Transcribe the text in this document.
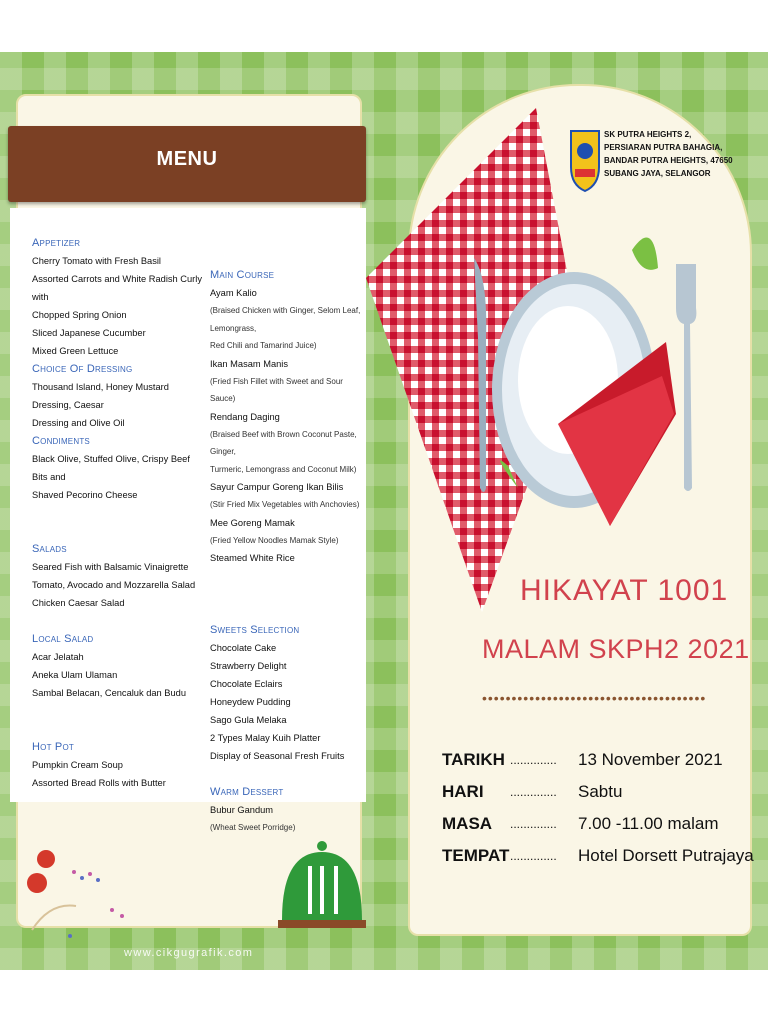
MENU
Appetizer
Cherry Tomato with Fresh Basil
Assorted Carrots and White Radish Curly with
Chopped Spring Onion
Sliced Japanese Cucumber
Mixed Green Lettuce
Choice Of Dressing
Thousand Island, Honey Mustard Dressing, Caesar
Dressing and Olive Oil
Condiments
Black Olive, Stuffed Olive, Crispy Beef Bits and
Shaved Pecorino Cheese
Salads
Seared Fish with Balsamic Vinaigrette
Tomato, Avocado and Mozzarella Salad
Chicken Caesar Salad
Local Salad
Acar Jelatah
Aneka Ulam Ulaman
Sambal Belacan, Cencaluk dan Budu
Hot Pot
Pumpkin Cream Soup
Assorted Bread Rolls with Butter
Main Course
Ayam Kalio
(Braised Chicken with Ginger, Selom Leaf, Lemongrass,
Red Chili and Tamarind Juice)
Ikan Masam Manis
(Fried Fish Fillet with Sweet and Sour Sauce)
Rendang Daging
(Braised Beef with Brown Coconut Paste, Ginger,
Turmeric, Lemongrass and Coconut Milk)
Sayur Campur Goreng Ikan Bilis
(Stir Fried Mix Vegetables with Anchovies)
Mee Goreng Mamak
(Fried Yellow Noodles Mamak Style)
Steamed White Rice
Sweets Selection
Chocolate Cake
Strawberry Delight
Chocolate Eclairs
Honeydew Pudding
Sago Gula Melaka
2 Types Malay Kuih Platter
Display of Seasonal Fresh Fruits
Warm Dessert
Bubur Gandum
(Wheat Sweet Porridge)
www.cikgugrafik.com
SK PUTRA HEIGHTS 2,
PERSIARAN PUTRA BAHAGIA,
BANDAR PUTRA HEIGHTS, 47650
SUBANG JAYA, SELANGOR
HIKAYAT 1001
MALAM SKPH2 2021
••••••••••••••••••••••••••••••••••••••
TARIKH ..............	13 November 2021
HARI	..............	Sabtu
MASA	..............	7.00 -11.00 malam
TEMPAT ..............	Hotel Dorsett Putrajaya
